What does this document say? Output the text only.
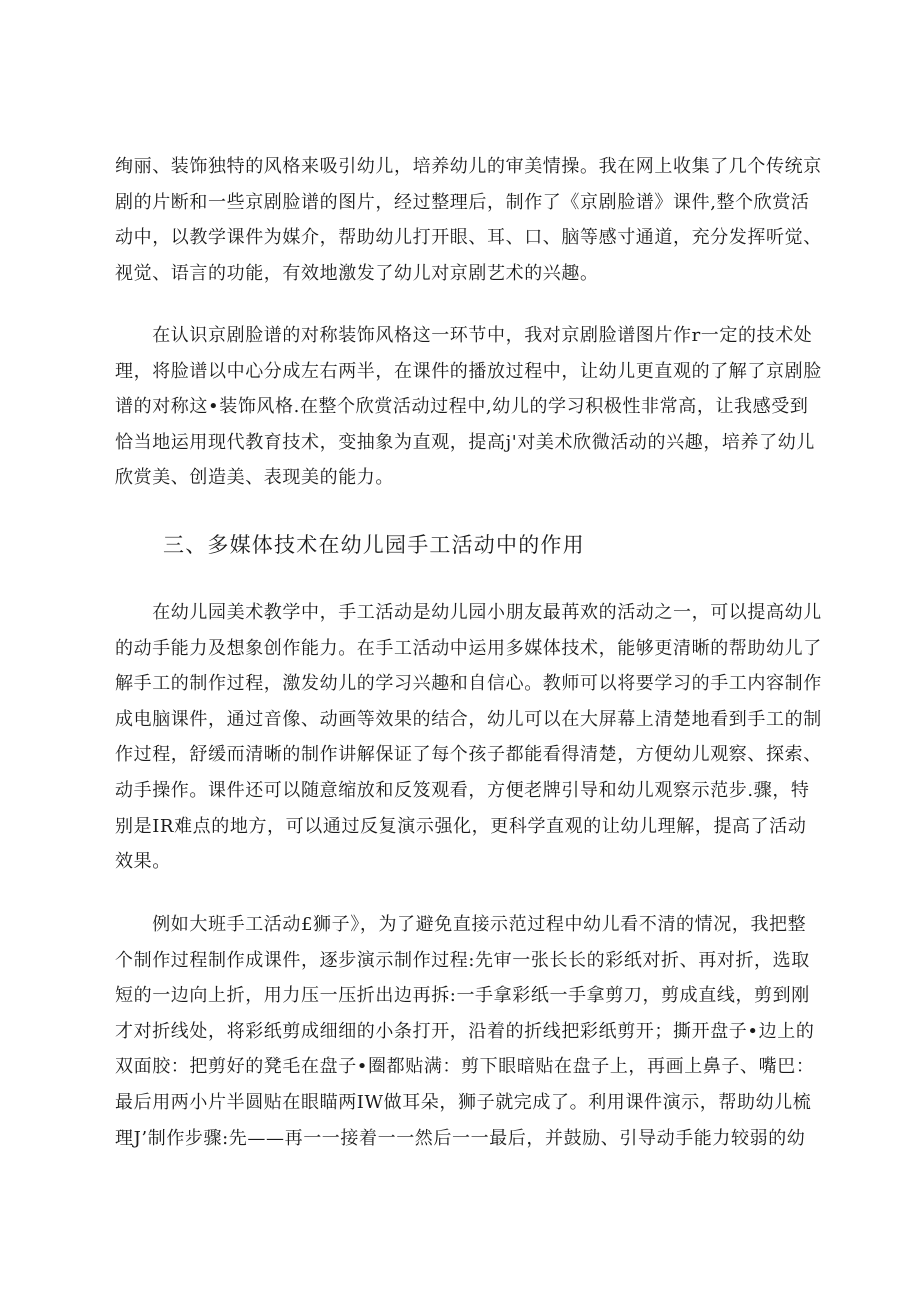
绚丽、装饰独特的风格来吸引幼儿，培养幼儿的审美情操。我在网上收集了几个传统京
剧的片断和一些京剧脸谱的图片，经过整理后，制作了《京剧脸谱》课件,整个欣赏活
动中，以教学课件为媒介，帮助幼儿打开眼、耳、口、脑等感寸通道，充分发挥听觉、
视觉、语言的功能，有效地激发了幼儿对京剧艺术的兴趣。

　　在认识京剧脸谱的对称装饰风格这一环节中，我对京剧脸谱图片作r一定的技术处
理，将脸谱以中心分成左右两半，在课件的播放过程中，让幼儿更直观的了解了京剧脸
谱的对称这•装饰风格.在整个欣赏活动过程中,幼儿的学习积极性非常高，让我感受到
恰当地运用现代教育技术，变抽象为直观，提高j'对美术欣微活动的兴趣，培养了幼儿
欣赏美、创造美、表现美的能力。

三、多媒体技术在幼儿园手工活动中的作用

　　在幼儿园美术教学中，手工活动是幼儿园小朋友最苒欢的活动之一，可以提高幼儿
的动手能力及想象创作能力。在手工活动中运用多媒体技术，能够更清晰的帮助幼儿了
解手工的制作过程，激发幼儿的学习兴趣和自信心。教师可以将要学习的手工内容制作
成电脑课件，通过音像、动画等效果的结合，幼儿可以在大屏幕上清楚地看到手工的制
作过程，舒缓而清晰的制作讲解保证了每个孩子都能看得清楚，方便幼儿观察、探索、
动手操作。课件还可以随意缩放和反笈观看，方便老牌引导和幼儿观察示范步.骤，特
别是IR难点的地方，可以通过反复演示强化，更科学直观的让幼儿理解，提高了活动
效果。

　　例如大班手工活动£狮子》，为了避免直接示范过程中幼儿看不清的情况，我把整
个制作过程制作成课件，逐步演示制作过程:先审一张长长的彩纸对折、再对折，选取
短的一边向上折，用力压一压折出边再拆:一手拿彩纸一手拿剪刀，剪成直线，剪到刚
才对折线处，将彩纸剪成细细的小条打开，沿着的折线把彩纸剪开；撕开盘子•边上的
双面胶：把剪好的凳毛在盘子•圈都贴满：剪下眼暗贴在盘子上，再画上鼻子、嘴巴：
最后用两小片半圆贴在眼瞄两IW做耳朵，狮子就完成了。利用课件演示，帮助幼儿梳
理J’制作步骤:先——再一一接着一一然后一一最后，并鼓励、引导动手能力较弱的幼
